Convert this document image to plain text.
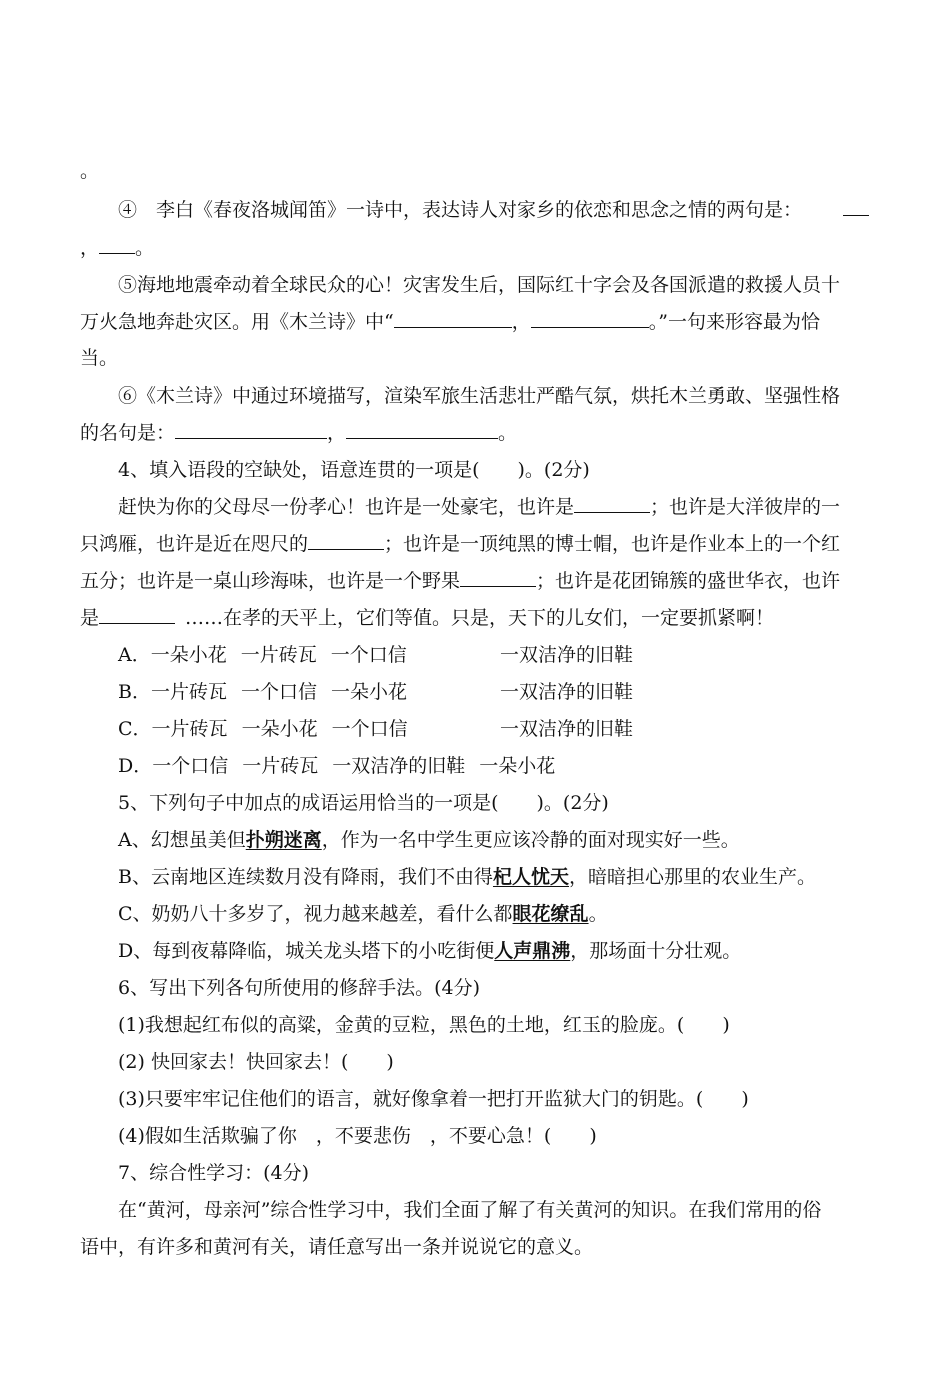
。
④　李白《春夜洛城闻笛》一诗中，表达诗人对家乡的依恋和思念之情的两句是：
， 。
⑤海地地震牵动着全球民众的心！灾害发生后，国际红十字会及各国派遣的救援人员十
万火急地奔赴灾区。用《木兰诗》中“	，	。”一句来形容最为恰
当。
⑥《木兰诗》中通过环境描写，渲染军旅生活悲壮严酷气氛，烘托木兰勇敢、坚强性格
的名句是：	，	。
4、填入语段的空缺处，语意连贯的一项是(　　)。(2分)
赶快为你的父母尽一份孝心！也许是一处豪宅，也许是	；也许是大洋彼岸的一
只鸿雁，也许是近在咫尺的	；也许是一顶纯黑的博士帽，也许是作业本上的一个红
五分；也许是一桌山珍海味，也许是一个野果	；也许是花团锦簇的盛世华衣，也许
是	……在孝的天平上，它们等值。只是，天下的儿女们，一定要抓紧啊！
A．一朵小花 一片砖瓦 一个口信	一双洁净的旧鞋
B．一片砖瓦 一个口信 一朵小花	一双洁净的旧鞋
C．一片砖瓦 一朵小花 一个口信	一双洁净的旧鞋
D．一个口信 一片砖瓦 一双洁净的旧鞋 一朵小花
5、下列句子中加点的成语运用恰当的一项是(　　)。(2分)
A、幻想虽美但扑朔迷离，作为一名中学生更应该冷静的面对现实好一些。
B、云南地区连续数月没有降雨，我们不由得杞人忧天，暗暗担心那里的农业生产。
C、奶奶八十多岁了，视力越来越差，看什么都眼花缭乱。
D、每到夜幕降临，城关龙头塔下的小吃街便人声鼎沸，那场面十分壮观。
6、写出下列各句所使用的修辞手法。(4分)
(1)我想起红布似的高粱，金黄的豆粒，黑色的土地，红玉的脸庞。(　　)
(2) 快回家去！快回家去！(　　)
(3)只要牢牢记住他们的语言，就好像拿着一把打开监狱大门的钥匙。(　　)
(4)假如生活欺骗了你　，不要悲伤　，不要心急！(　　)
7、综合性学习：(4分)
在“黄河，母亲河”综合性学习中，我们全面了解了有关黄河的知识。在我们常用的俗
语中，有许多和黄河有关，请任意写出一条并说说它的意义。
